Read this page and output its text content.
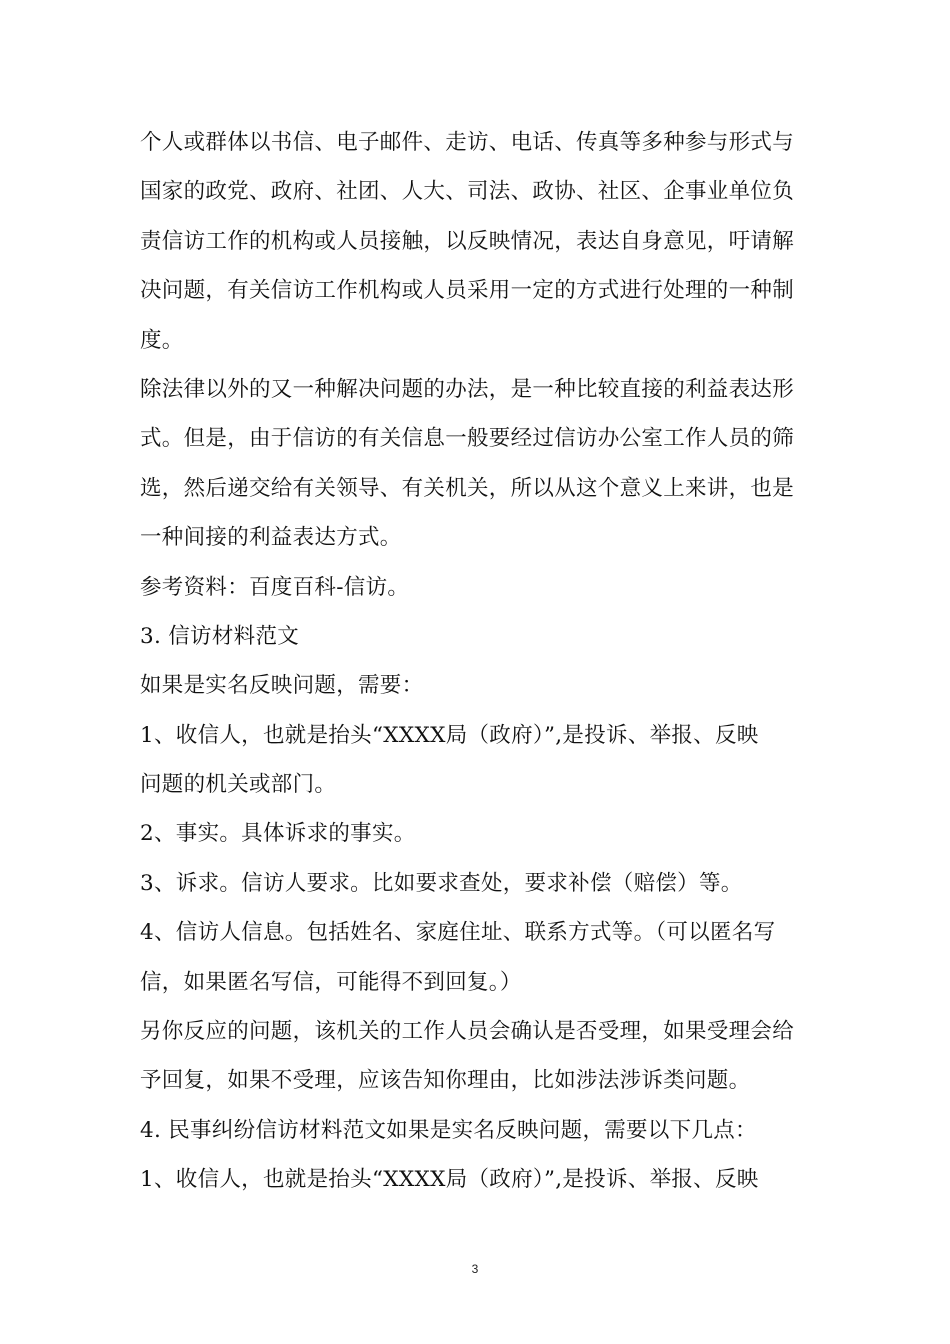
个人或群体以书信、电子邮件、走访、电话、传真等多种参与形式与
国家的政党、政府、社团、人大、司法、政协、社区、企事业单位负
责信访工作的机构或人员接触，以反映情况，表达自身意见，吁请解
决问题，有关信访工作机构或人员采用一定的方式进行处理的一种制
度。
除法律以外的又一种解决问题的办法，是一种比较直接的利益表达形
式。但是，由于信访的有关信息一般要经过信访办公室工作人员的筛
选，然后递交给有关领导、有关机关，所以从这个意义上来讲，也是
一种间接的利益表达方式。
参考资料：百度百科-信访。
3. 信访材料范文
如果是实名反映问题，需要：
1、收信人，也就是抬头“XXXX局（政府）”,是投诉、举报、反映
问题的机关或部门。
2、事实。具体诉求的事实。
3、诉求。信访人要求。比如要求查处，要求补偿（赔偿）等。
4、信访人信息。包括姓名、家庭住址、联系方式等。（可以匿名写
信，如果匿名写信，可能得不到回复。）
另你反应的问题，该机关的工作人员会确认是否受理，如果受理会给
予回复，如果不受理，应该告知你理由，比如涉法涉诉类问题。
4. 民事纠纷信访材料范文如果是实名反映问题，需要以下几点：
1、收信人，也就是抬头“XXXX局（政府）”,是投诉、举报、反映
3
